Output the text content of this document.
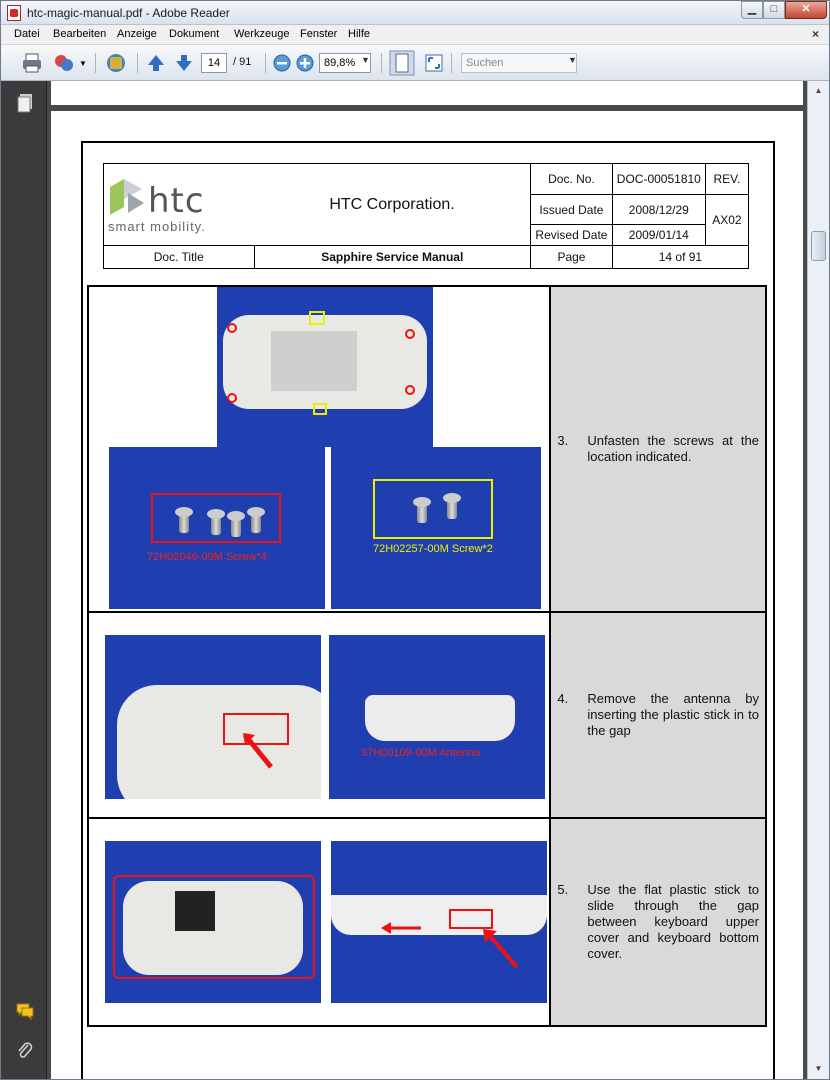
htc-magic-manual.pdf - Adobe Reader	▁	□	✕
Datei Bearbeiten Anzeige Dokument Werkzeuge Fenster Hilfe	×
▼	14	/ 91	89,8% ▼	Suchen	▼
htc
smart mobility.	HTC Corporation.	Doc. No.	DOC-00051810	REV.
		Issued Date	2008/12/29	AX02
		Revised Date	2009/01/14	
Doc. Title	Sapphire Service Manual	Page	14 of 91	
72H02046-09M Screw*4
72H02257-00M Screw*2	3. Unfasten the screws at the location indicated.

37H00109-00M Antenna	4. Remove the antenna by inserting the plastic stick in to the gap

5. Use the flat plastic stick to slide through the gap between keyboard upper cover and keyboard bottom cover.
▲
▼
